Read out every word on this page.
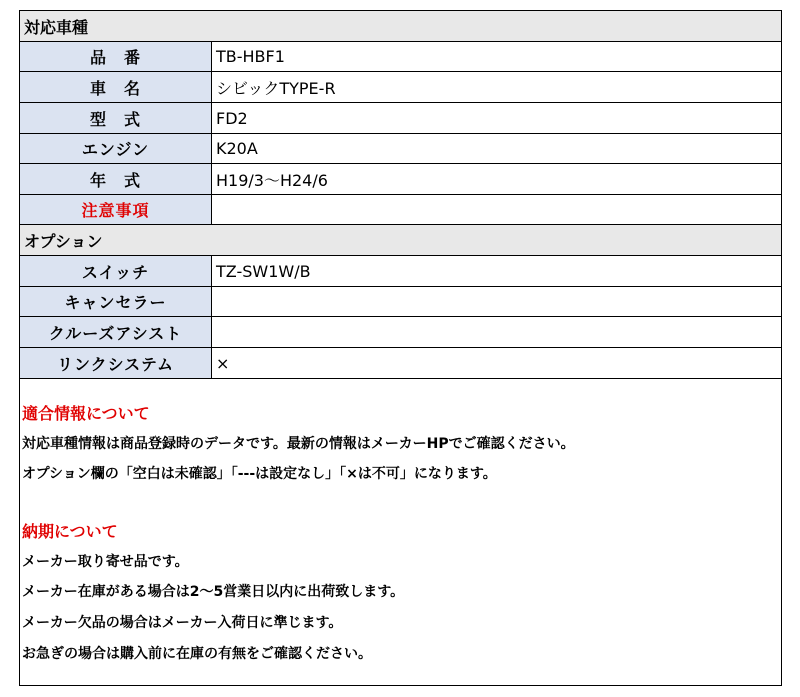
対応車種
品　番	TB-HBF1
車　名	シビックTYPE-R
型　式	FD2
エンジン	K20A
年　式	H19/3〜H24/6
注意事項
オプション
スイッチ	TZ-SW1W/B
キャンセラー
クルーズアシスト
リンクシステム	×
適合情報について
対応車種情報は商品登録時のデータです。最新の情報はメーカーHPでご確認ください。
オプション欄の「空白は未確認」「---は設定なし」「×は不可」になります。
納期について
メーカー取り寄せ品です。
メーカー在庫がある場合は2〜5営業日以内に出荷致します。
メーカー欠品の場合はメーカー入荷日に準じます。
お急ぎの場合は購入前に在庫の有無をご確認ください。
